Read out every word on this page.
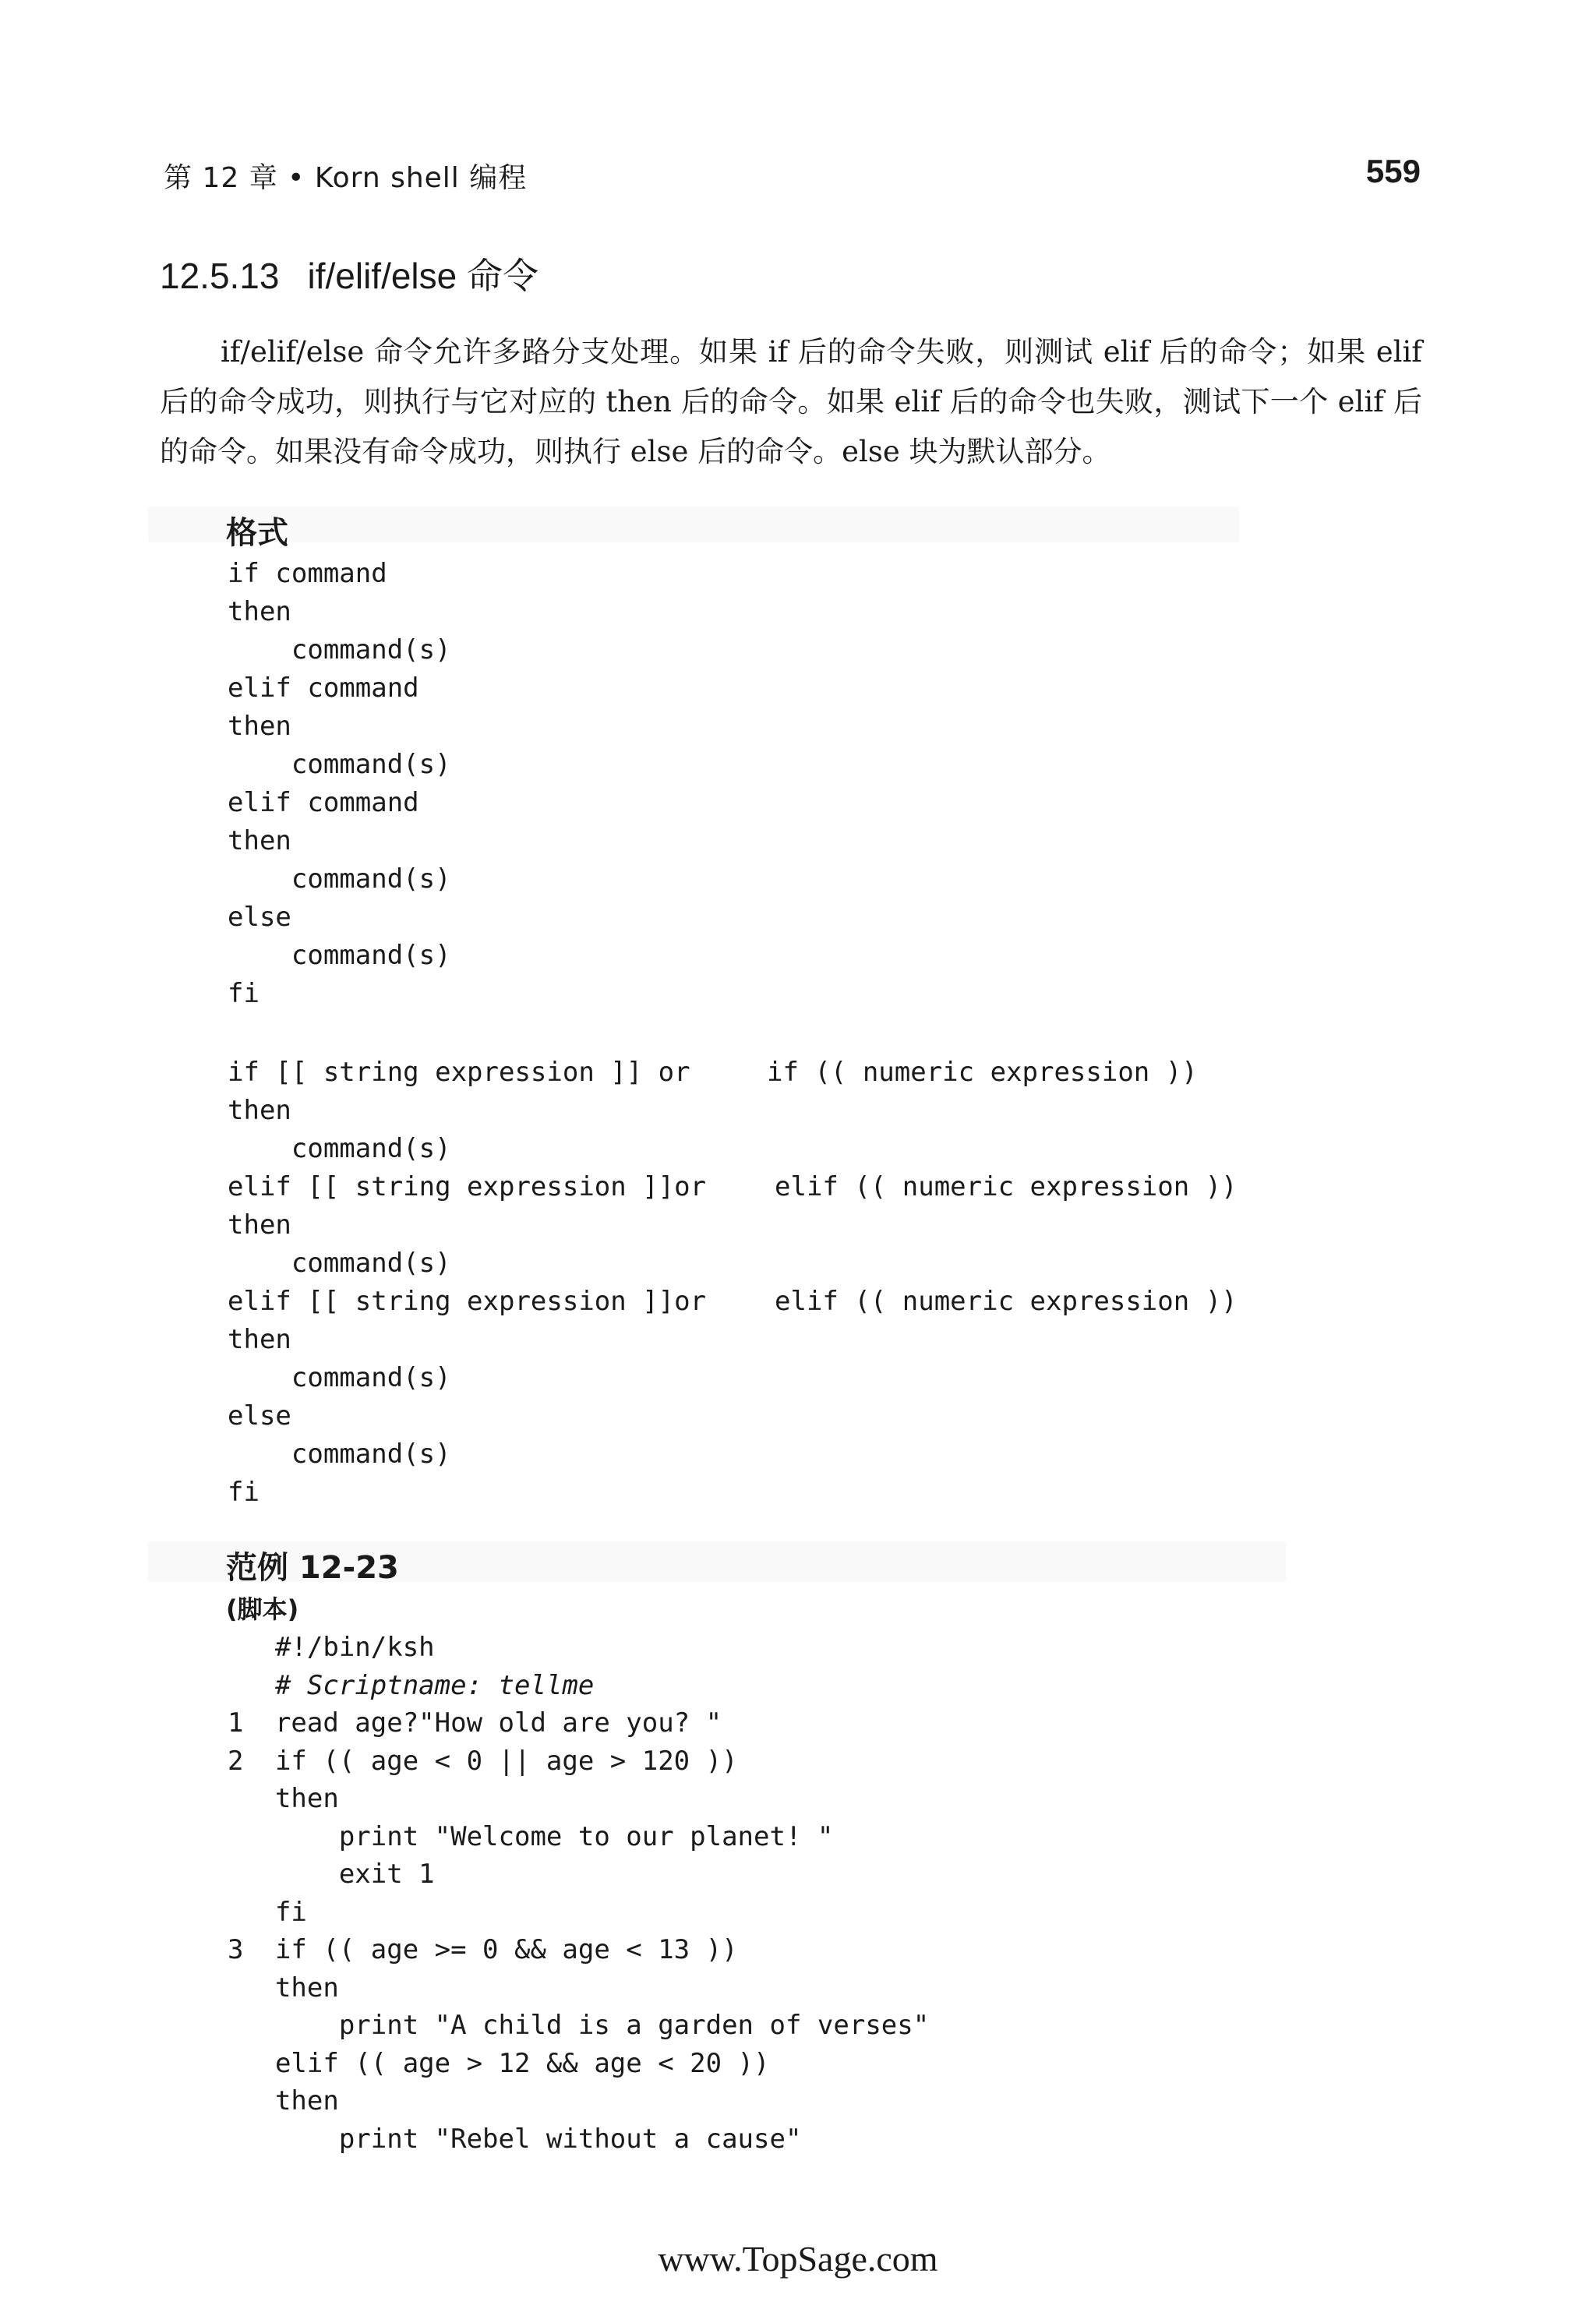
第 12 章 • Korn shell 编程	559
12.5.13 if/elif/else 命令
if/elif/else 命令允许多路分支处理。如果 if 后的命令失败，则测试 elif 后的命令；如果 elif 后的命令成功，则执行与它对应的 then 后的命令。如果 elif 后的命令也失败，测试下一个 elif 后的命令。如果没有命令成功，则执行 else 后的命令。else 块为默认部分。
格式
if command
then
command(s)
elif command
then
command(s)
elif command
then
command(s)
else
command(s)
fi
if [[ string expression ]] or	if (( numeric expression ))
then
command(s)
elif [[ string expression ]]or	elif (( numeric expression ))
then
command(s)
elif [[ string expression ]]or	elif (( numeric expression ))
then
command(s)
else
command(s)
fi
范例 12-23
(脚本)
#!/bin/ksh
# Scriptname: tellme
1 read age?"How old are you? "
2 if (( age < 0 || age > 120 ))
then
print "Welcome to our planet! "
exit 1
fi
3 if (( age >= 0 && age < 13 ))
then
print "A child is a garden of verses"
elif (( age > 12 && age < 20 ))
then
print "Rebel without a cause"
www.TopSage.com
